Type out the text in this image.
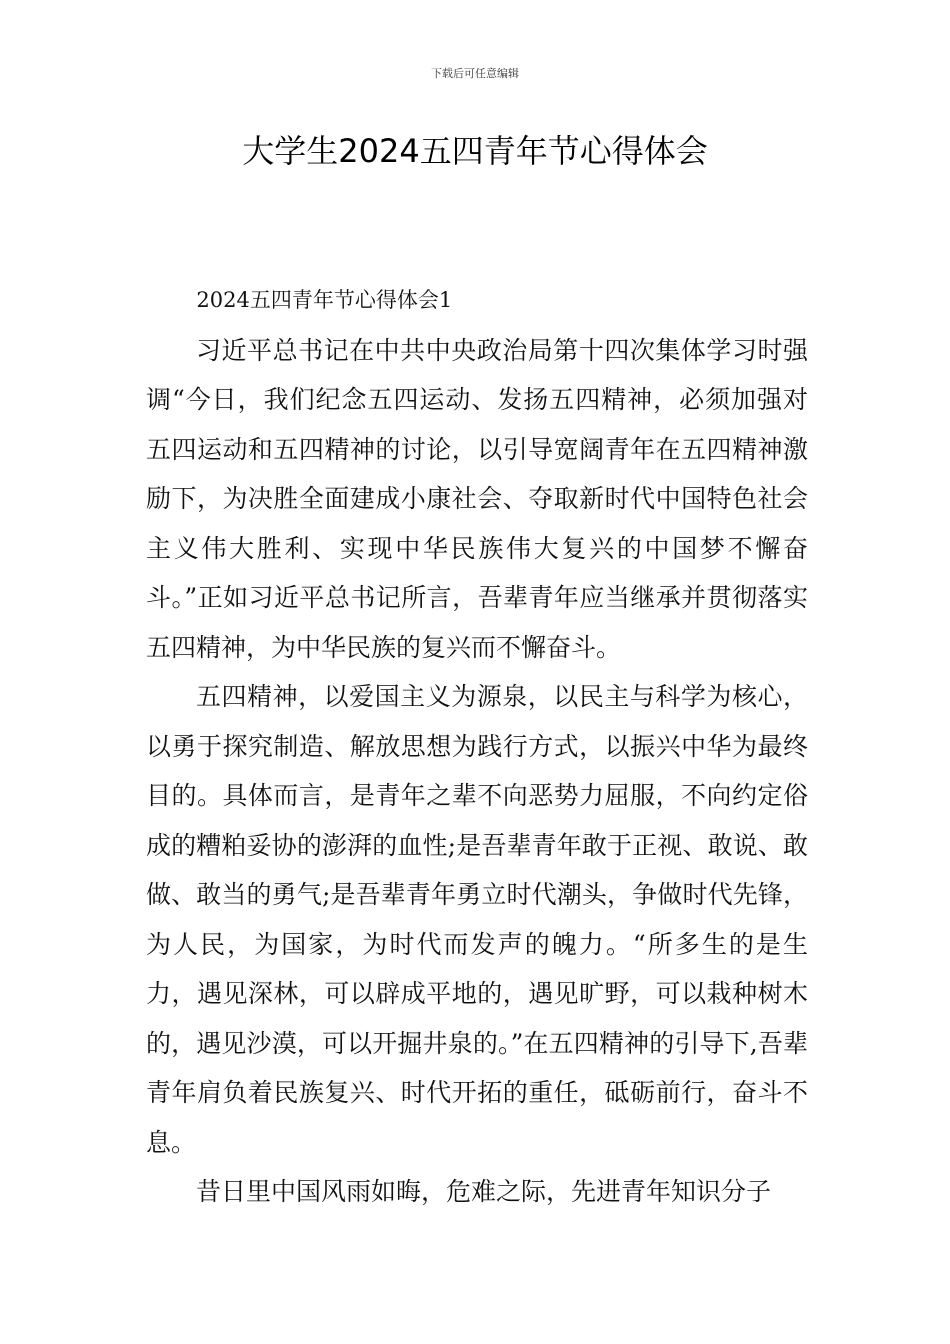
下载后可任意编辑
大学生2024五四青年节心得体会

2024五四青年节心得体会1

习近平总书记在中共中央政治局第十四次集体学习时强调“今日，我们纪念五四运动、发扬五四精神，必须加强对五四运动和五四精神的讨论，以引导宽阔青年在五四精神激励下，为决胜全面建成小康社会、夺取新时代中国特色社会主义伟大胜利、实现中华民族伟大复兴的中国梦不懈奋斗。”正如习近平总书记所言，吾辈青年应当继承并贯彻落实五四精神，为中华民族的复兴而不懈奋斗。

五四精神，以爱国主义为源泉，以民主与科学为核心，以勇于探究制造、解放思想为践行方式，以振兴中华为最终目的。具体而言，是青年之辈不向恶势力屈服，不向约定俗成的糟粕妥协的澎湃的血性;是吾辈青年敢于正视、敢说、敢做、敢当的勇气;是吾辈青年勇立时代潮头，争做时代先锋，为人民，为国家，为时代而发声的魄力。“所多生的是生力，遇见深林，可以辟成平地的，遇见旷野，可以栽种树木的，遇见沙漠，可以开掘井泉的。”在五四精神的引导下,吾辈青年肩负着民族复兴、时代开拓的重任，砥砺前行，奋斗不息。

昔日里中国风雨如晦，危难之际，先进青年知识分子
